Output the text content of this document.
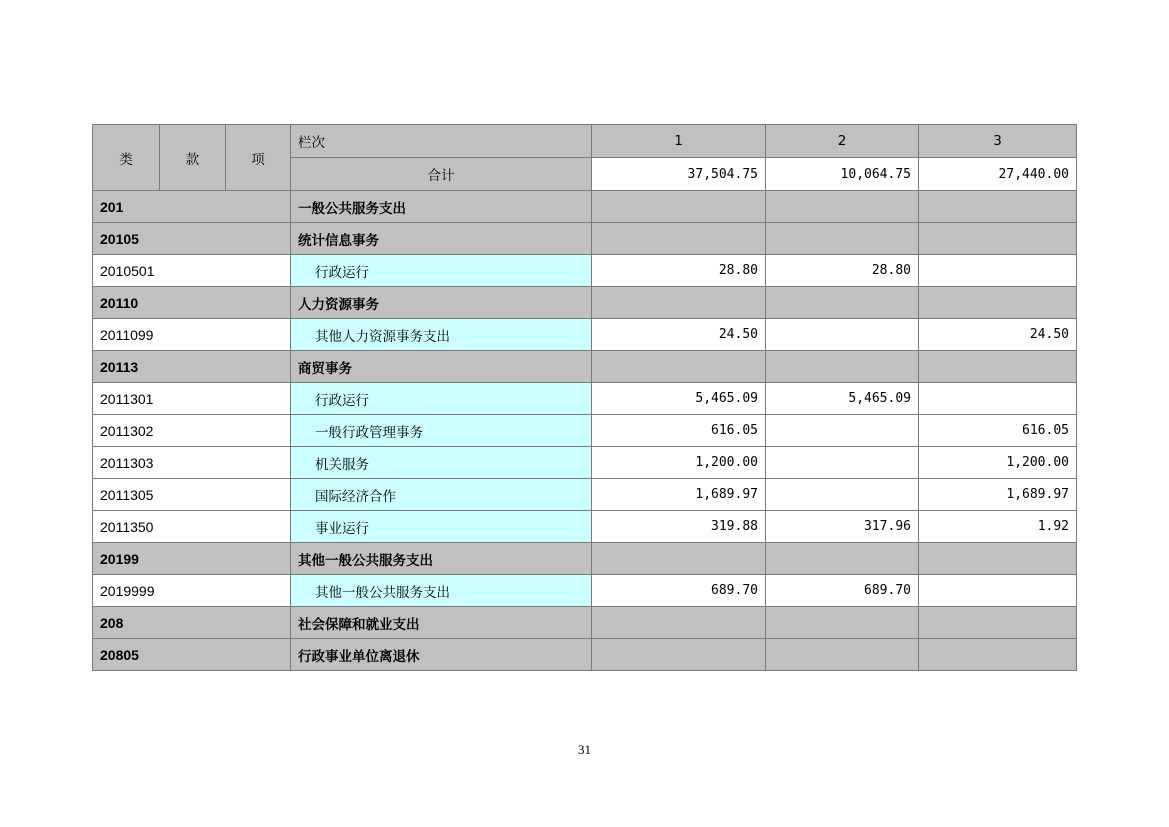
类	款	项	栏次	1	2	3
			合计	37,504.75	10,064.75	27,440.00
201			一般公共服务支出			
20105			统计信息事务			
2010501			行政运行	28.80	28.80	
20110			人力资源事务			
2011099			其他人力资源事务支出	24.50		24.50
20113			商贸事务			
2011301			行政运行	5,465.09	5,465.09	
2011302			一般行政管理事务	616.05		616.05
2011303			机关服务	1,200.00		1,200.00
2011305			国际经济合作	1,689.97		1,689.97
2011350			事业运行	319.88	317.96	1.92
20199			其他一般公共服务支出			
2019999			其他一般公共服务支出	689.70	689.70	
208			社会保障和就业支出			
20805			行政事业单位离退休			
31
